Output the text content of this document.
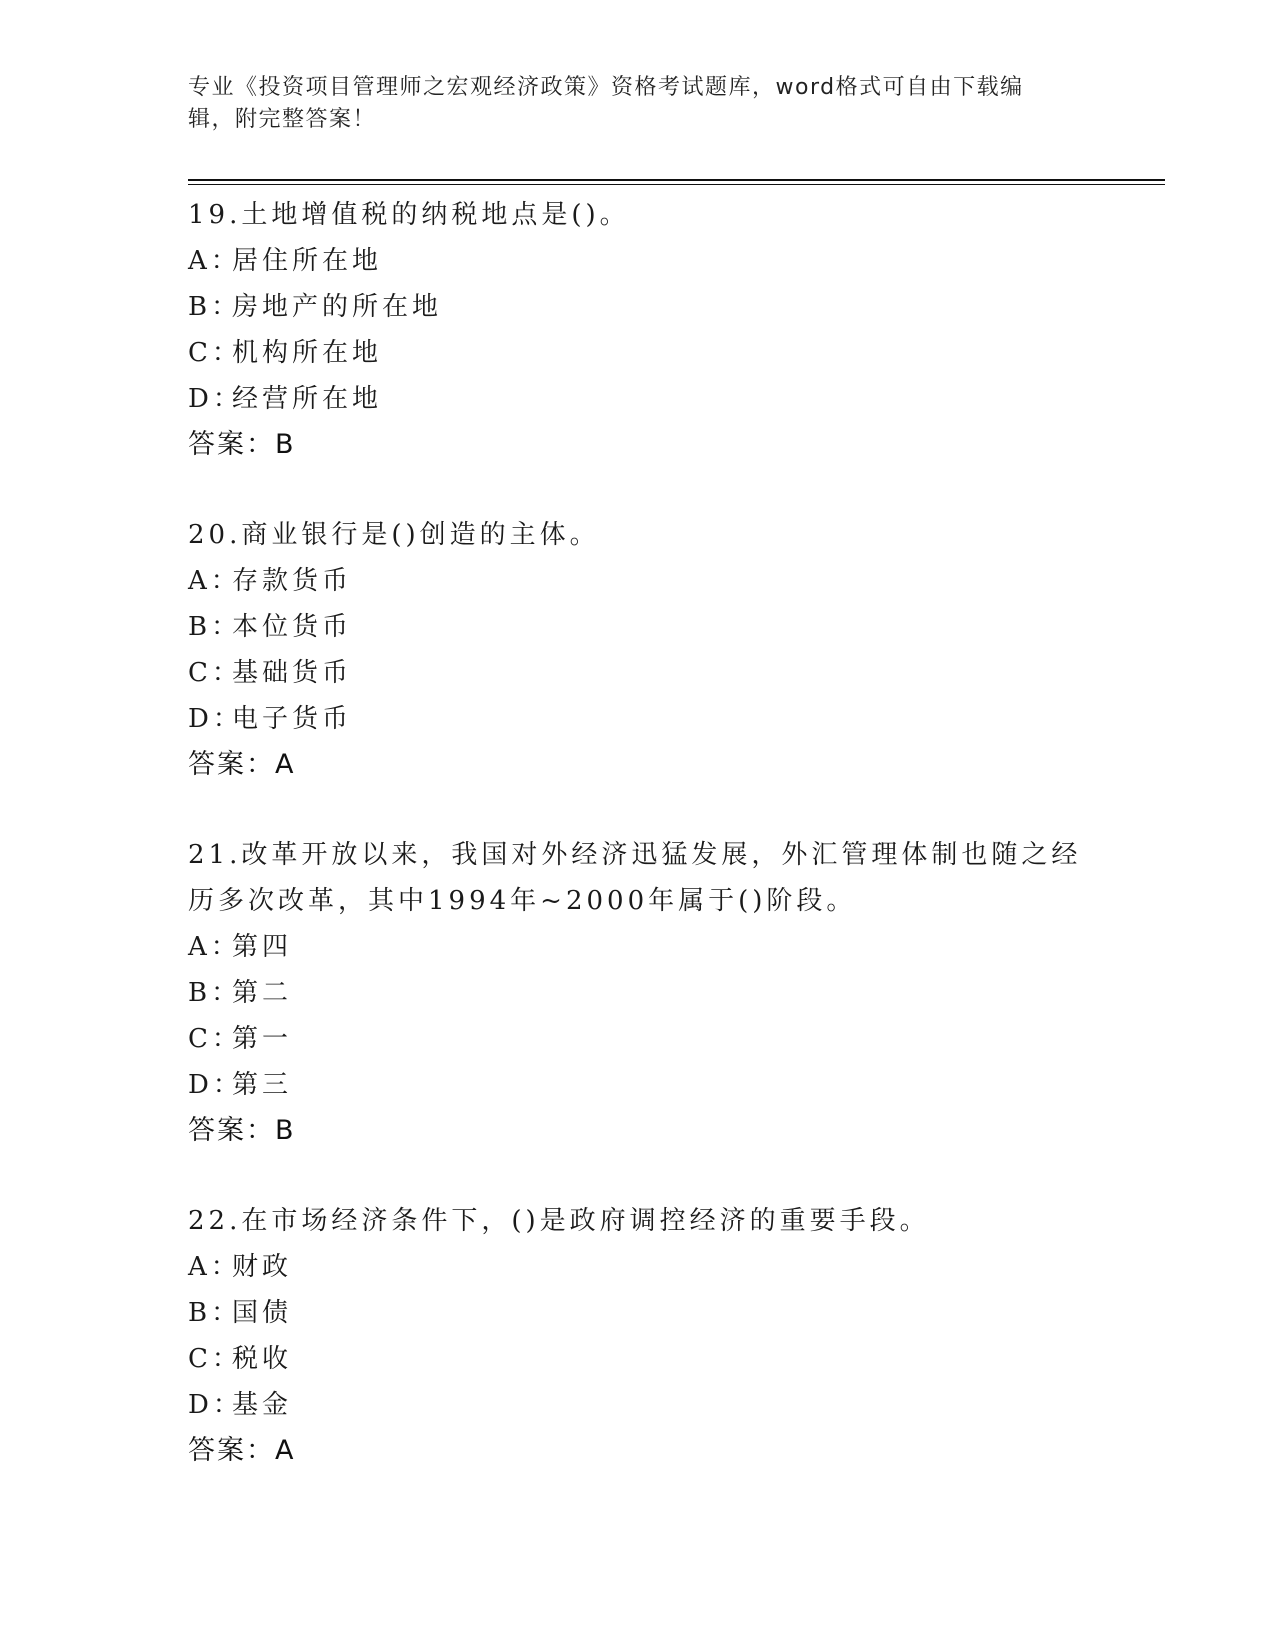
专业《投资项目管理师之宏观经济政策》资格考试题库，word格式可自由下载编辑，附完整答案！
19.土地增值税的纳税地点是()。
A：居住所在地
B：房地产的所在地
C：机构所在地
D：经营所在地
答案：B
20.商业银行是()创造的主体。
A：存款货币
B：本位货币
C：基础货币
D：电子货币
答案：A
21.改革开放以来，我国对外经济迅猛发展，外汇管理体制也随之经历多次改革，其中1994年~2000年属于()阶段。
A：第四
B：第二
C：第一
D：第三
答案：B
22.在市场经济条件下，()是政府调控经济的重要手段。
A：财政
B：国债
C：税收
D：基金
答案：A
